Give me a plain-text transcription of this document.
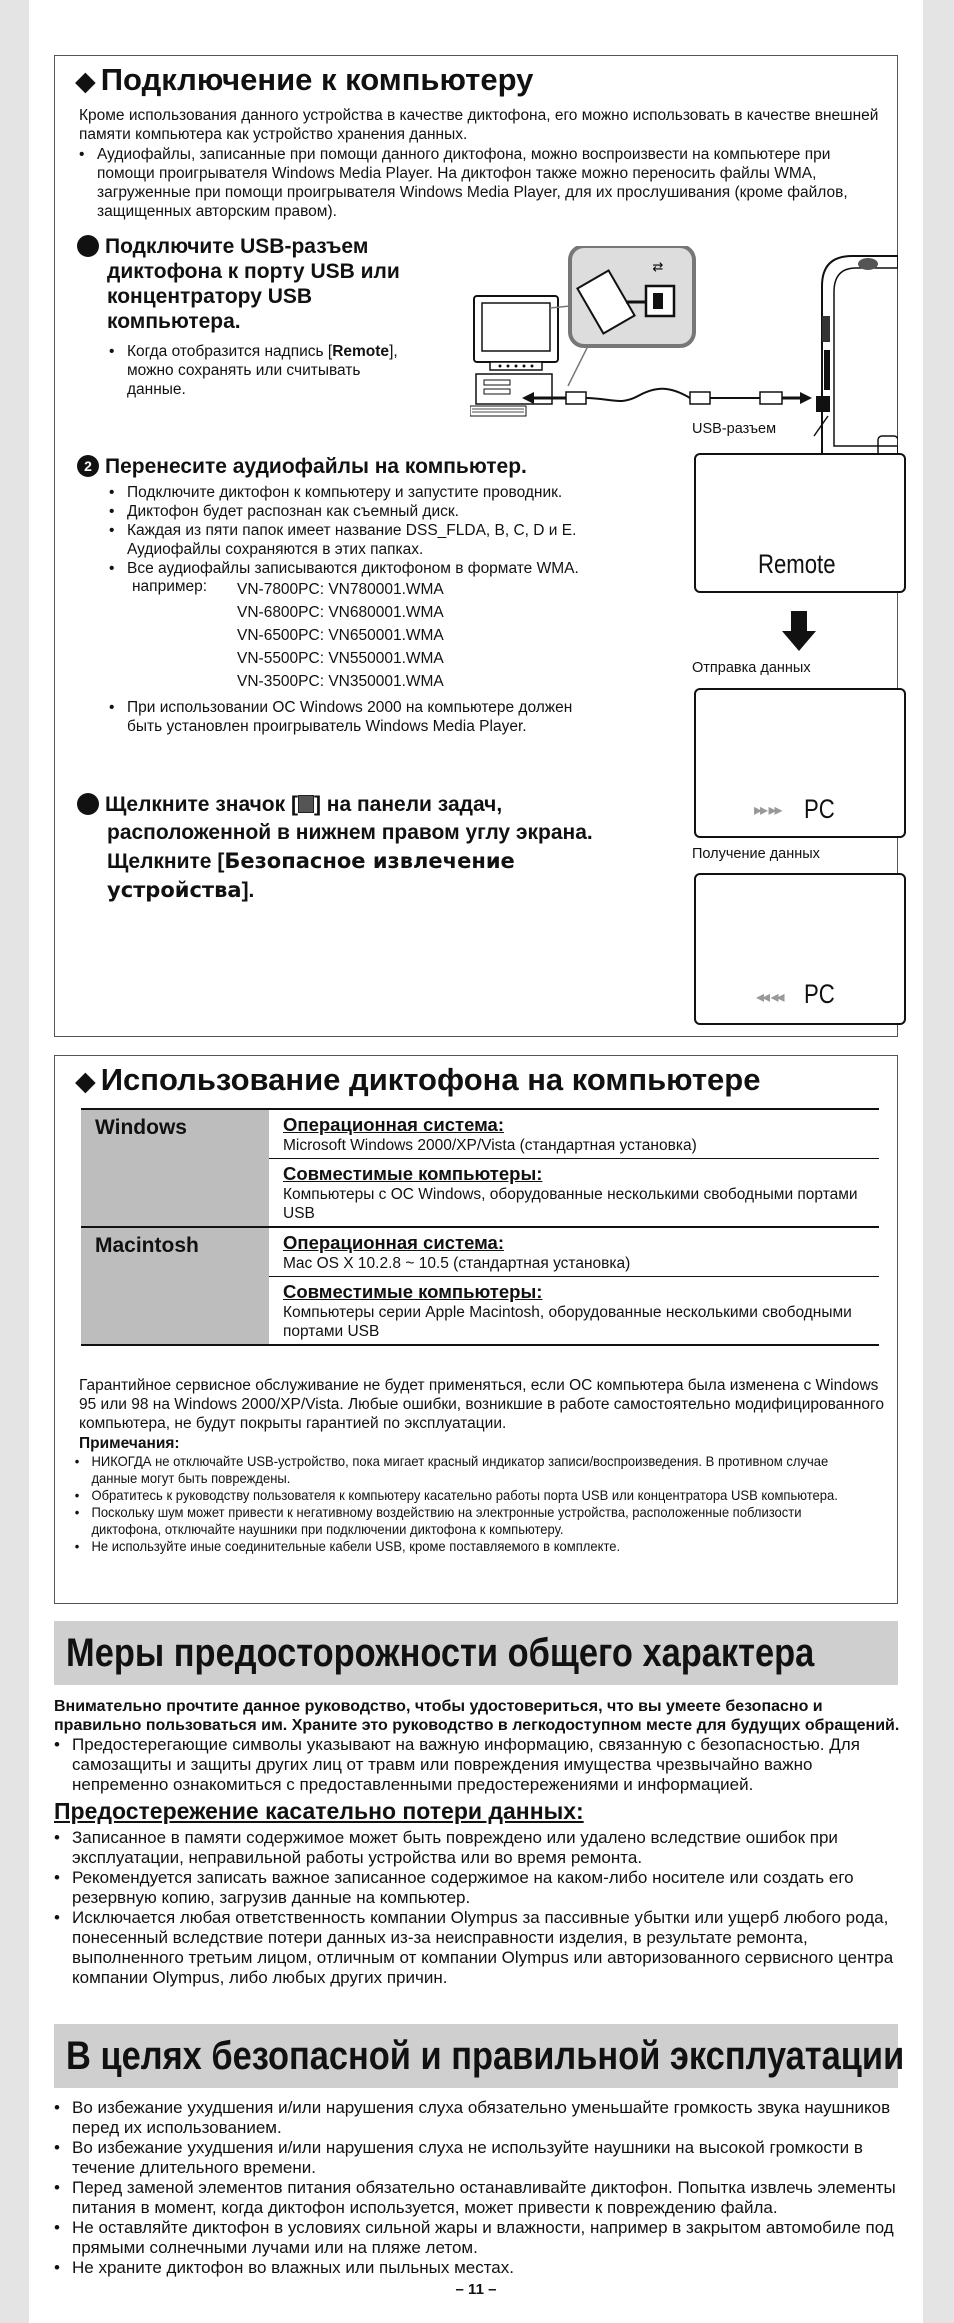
◆ Подключение к компьютеру

Кроме использования данного устройства в качестве диктофона, его можно использовать в качестве внешней памяти компьютера как устройство хранения данных.

• Аудиофайлы, записанные при помощи данного диктофона, можно воспроизвести на компьютере при помощи проигрывателя Windows Media Player. На диктофон также можно переносить файлы WMA, загруженные при помощи проигрывателя Windows Media Player, для их прослушивания (кроме файлов, защищенных авторским правом).
1 Подключите USB-разъем диктофона к порту USB или концентратору USB компьютера.
• Когда отобразится надпись [Remote], можно сохранять или считывать данные.
⇄
USB-разъем
2 Перенесите аудиофайлы на компьютер.
• Подключите диктофон к компьютеру и запустите проводник.
• Диктофон будет распознан как съемный диск.
• Каждая из пяти папок имеет название DSS_FLDA, B, C, D и E. Аудиофайлы сохраняются в этих папках.
• Все аудиофайлы записываются диктофоном в формате WMA.
например: VN-7800PC: VN780001.WMA
VN-6800PC: VN680001.WMA
VN-6500PC: VN650001.WMA
VN-5500PC: VN550001.WMA
VN-3500PC: VN350001.WMA
• При использовании ОС Windows 2000 на компьютере должен быть установлен проигрыватель Windows Media Player.
3 Щелкните значок [ ] на панели задач, расположенной в нижнем правом углу экрана. Щелкните [Безопасное извлечение устройства].
Remote
Отправка данных
▸▸ ▸▸ PC
Получение данных
◂◂ ◂◂ PC
◆ Использование диктофона на компьютере
Windows	Операционная система:
Microsoft Windows 2000/XP/Vista (стандартная установка)

	Совместимые компьютеры:
Компьютеры с ОС Windows, оборудованные несколькими свободными портами USB

Macintosh	Операционная система:
Mac OS X 10.2.8 ~ 10.5 (стандартная установка)

	Совместимые компьютеры:
Компьютеры серии Apple Macintosh, оборудованные несколькими свободными портами USB

Гарантийное сервисное обслуживание не будет применяться, если ОС компьютера была изменена с Windows 95 или 98 на Windows 2000/XP/Vista. Любые ошибки, возникшие в работе самостоятельно модифицированного компьютера, не будут покрыты гарантией по эксплуатации.

Примечания:

• НИКОГДА не отключайте USB-устройство, пока мигает красный индикатор записи/воспроизведения. В противном случае данные могут быть повреждены.
• Обратитесь к руководству пользователя к компьютеру касательно работы порта USB или концентратора USB компьютера.
• Поскольку шум может привести к негативному воздействию на электронные устройства, расположенные поблизости диктофона, отключайте наушники при подключении диктофона к компьютеру.
• Не используйте иные соединительные кабели USB, кроме поставляемого в комплекте.
Меры предосторожности общего характера

Внимательно прочтите данное руководство, чтобы удостовериться, что вы умеете безопасно и правильно пользоваться им. Храните это руководство в легкодоступном месте для будущих обращений.

• Предостерегающие символы указывают на важную информацию, связанную с безопасностью. Для самозащиты и защиты других лиц от травм или повреждения имущества чрезвычайно важно непременно ознакомиться с предоставленными предостережениями и информацией.
Предостережение касательно потери данных:
• Записанное в памяти содержимое может быть повреждено или удалено вследствие ошибок при эксплуатации, неправильной работы устройства или во время ремонта.
• Рекомендуется записать важное записанное содержимое на каком-либо носителе или создать его резервную копию, загрузив данные на компьютер.
• Исключается любая ответственность компании Olympus за пассивные убытки или ущерб любого рода, понесенный вследствие потери данных из-за неисправности изделия, в результате ремонта, выполненного третьим лицом, отличным от компании Olympus или авторизованного сервисного центра компании Olympus, либо любых других причин.
В целях безопасной и правильной эксплуатации
• Во избежание ухудшения и/или нарушения слуха обязательно уменьшайте громкость звука наушников перед их использованием.
• Во избежание ухудшения и/или нарушения слуха не используйте наушники на высокой громкости в течение длительного времени.
• Перед заменой элементов питания обязательно останавливайте диктофон. Попытка извлечь элементы питания в момент, когда диктофон используется, может привести к повреждению файла.
• Не оставляйте диктофон в условиях сильной жары и влажности, например в закрытом автомобиле под прямыми солнечными лучами или на пляже летом.
• Не храните диктофон во влажных или пыльных местах.
– 11 –
